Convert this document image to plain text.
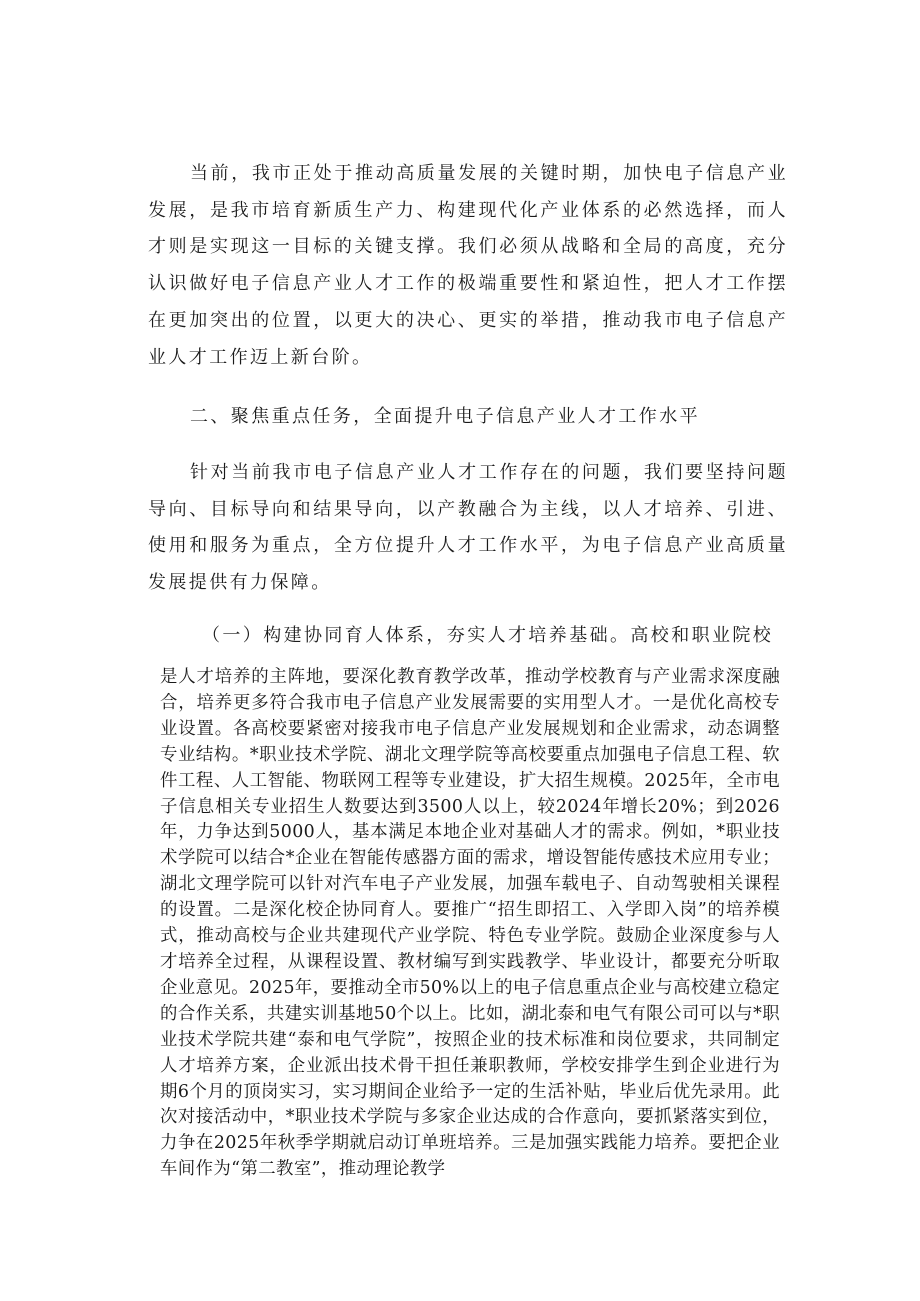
当前，我市正处于推动高质量发展的关键时期，加快电子信息产业发展，是我市培育新质生产力、构建现代化产业体系的必然选择，而人才则是实现这一目标的关键支撑。我们必须从战略和全局的高度，充分认识做好电子信息产业人才工作的极端重要性和紧迫性，把人才工作摆在更加突出的位置，以更大的决心、更实的举措，推动我市电子信息产业人才工作迈上新台阶。

二、聚焦重点任务，全面提升电子信息产业人才工作水平

针对当前我市电子信息产业人才工作存在的问题，我们要坚持问题导向、目标导向和结果导向，以产教融合为主线，以人才培养、引进、使用和服务为重点，全方位提升人才工作水平，为电子信息产业高质量发展提供有力保障。

（一）构建协同育人体系，夯实人才培养基础。高校和职业院校

是人才培养的主阵地，要深化教育教学改革，推动学校教育与产业需求深度融合，培养更多符合我市电子信息产业发展需要的实用型人才。一是优化高校专业设置。各高校要紧密对接我市电子信息产业发展规划和企业需求，动态调整专业结构。*职业技术学院、湖北文理学院等高校要重点加强电子信息工程、软件工程、人工智能、物联网工程等专业建设，扩大招生规模。2025年，全市电子信息相关专业招生人数要达到3500人以上，较2024年增长20%；到2026年，力争达到5000人，基本满足本地企业对基础人才的需求。例如，*职业技术学院可以结合*企业在智能传感器方面的需求，增设智能传感技术应用专业；湖北文理学院可以针对汽车电子产业发展，加强车载电子、自动驾驶相关课程的设置。二是深化校企协同育人。要推广“招生即招工、入学即入岗”的培养模式，推动高校与企业共建现代产业学院、特色专业学院。鼓励企业深度参与人才培养全过程，从课程设置、教材编写到实践教学、毕业设计，都要充分听取企业意见。2025年，要推动全市50%以上的电子信息重点企业与高校建立稳定的合作关系，共建实训基地50个以上。比如，湖北泰和电气有限公司可以与*职业技术学院共建“泰和电气学院”，按照企业的技术标准和岗位要求，共同制定人才培养方案，企业派出技术骨干担任兼职教师，学校安排学生到企业进行为期6个月的顶岗实习，实习期间企业给予一定的生活补贴，毕业后优先录用。此次对接活动中，*职业技术学院与多家企业达成的合作意向，要抓紧落实到位，力争在2025年秋季学期就启动订单班培养。三是加强实践能力培养。要把企业车间作为“第二教室”，推动理论教学
